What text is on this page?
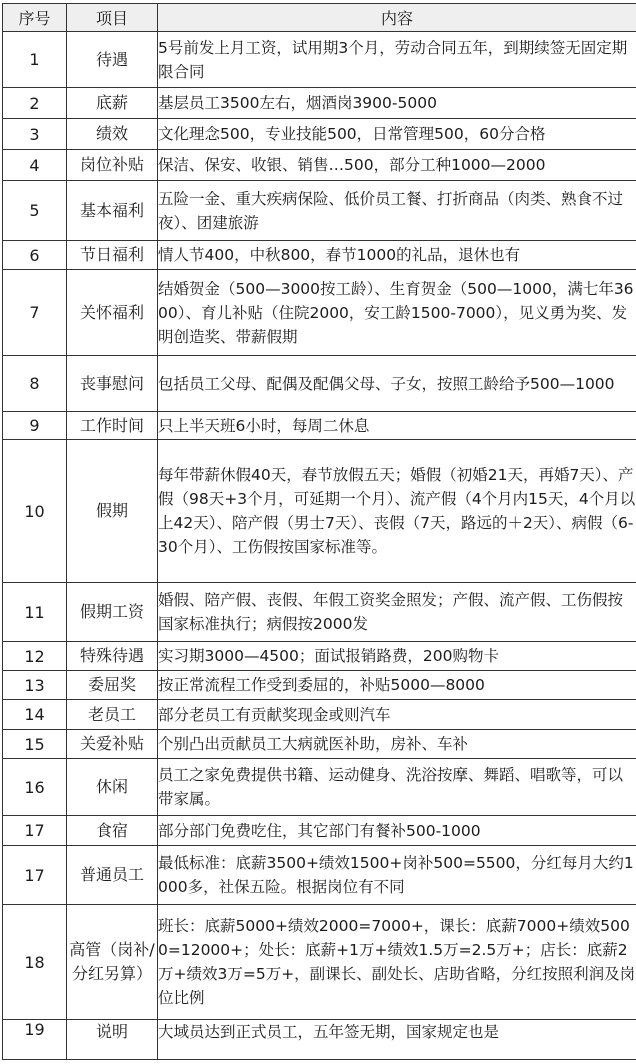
序号	项目	内容
1	待遇	5号前发上月工资，试用期3个月，劳动合同五年，到期续签无固定期限合同
2	底薪	基层员工3500左右，烟酒岗3900-5000
3	绩效	文化理念500，专业技能500，日常管理500，60分合格
4	岗位补贴	保洁、保安、收银、销售…500，部分工种1000—2000
5	基本福利	五险一金、重大疾病保险、低价员工餐、打折商品（肉类、熟食不过夜）、团建旅游
6	节日福利	情人节400，中秋800，春节1000的礼品，退休也有
7	关怀福利	结婚贺金（500—3000按工龄）、生育贺金（500—1000，满七年3600）、育儿补贴（住院2000，安工龄1500-7000），见义勇为奖、发明创造奖、带薪假期
8	丧事慰问	包括员工父母、配偶及配偶父母、子女，按照工龄给予500—1000
9	工作时间	只上半天班6小时，每周二休息
10	假期	每年带薪休假40天，春节放假五天；婚假（初婚21天，再婚7天）、产假（98天+3个月，可延期一个月）、流产假（4个月内15天，4个月以上42天）、陪产假（男士7天）、丧假（7天，路远的＋2天）、病假（6-30个月）、工伤假按国家标准等。
11	假期工资	婚假、陪产假、丧假、年假工资奖金照发；产假、流产假、工伤假按国家标准执行；病假按2000发
12	特殊待遇	实习期3000—4500；面试报销路费，200购物卡
13	委屈奖	按正常流程工作受到委屈的，补贴5000—8000
14	老员工	部分老员工有贡献奖现金或则汽车
15	关爱补贴	个别凸出贡献员工大病就医补助，房补、车补
16	休闲	员工之家免费提供书籍、运动健身、洗浴按摩、舞蹈、唱歌等，可以带家属。
17	食宿	部分部门免费吃住，其它部门有餐补500-1000
17	普通员工	最低标准：底薪3500+绩效1500+岗补500=5500，分红每月大约1000多，社保五险。根据岗位有不同
18	高管（岗补/分红另算）	班长：底薪5000+绩效2000=7000+，课长：底薪7000+绩效5000=12000+；处长：底薪+1万+绩效1.5万=2.5万+；店长：底薪2万+绩效3万=5万+，副课长、副处长、店助省略，分红按照利润及岗位比例
19	说明	大域员达到正式员工，五年签无期，国家规定也是
